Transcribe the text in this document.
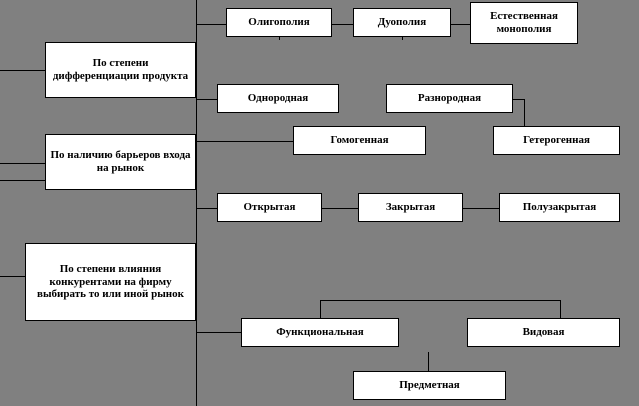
По степени дифференциации продукта
По наличию барьеров входа на рынок
По степени влияния конкурентами на фирму выбирать то или иной рынок
Олигополия	Дуополия	Естественная монополия
Однородная	Разнородная
Гомогенная	Гетерогенная
Открытая	Закрытая	Полузакрытая
Функциональная	Видовая
Предметная
